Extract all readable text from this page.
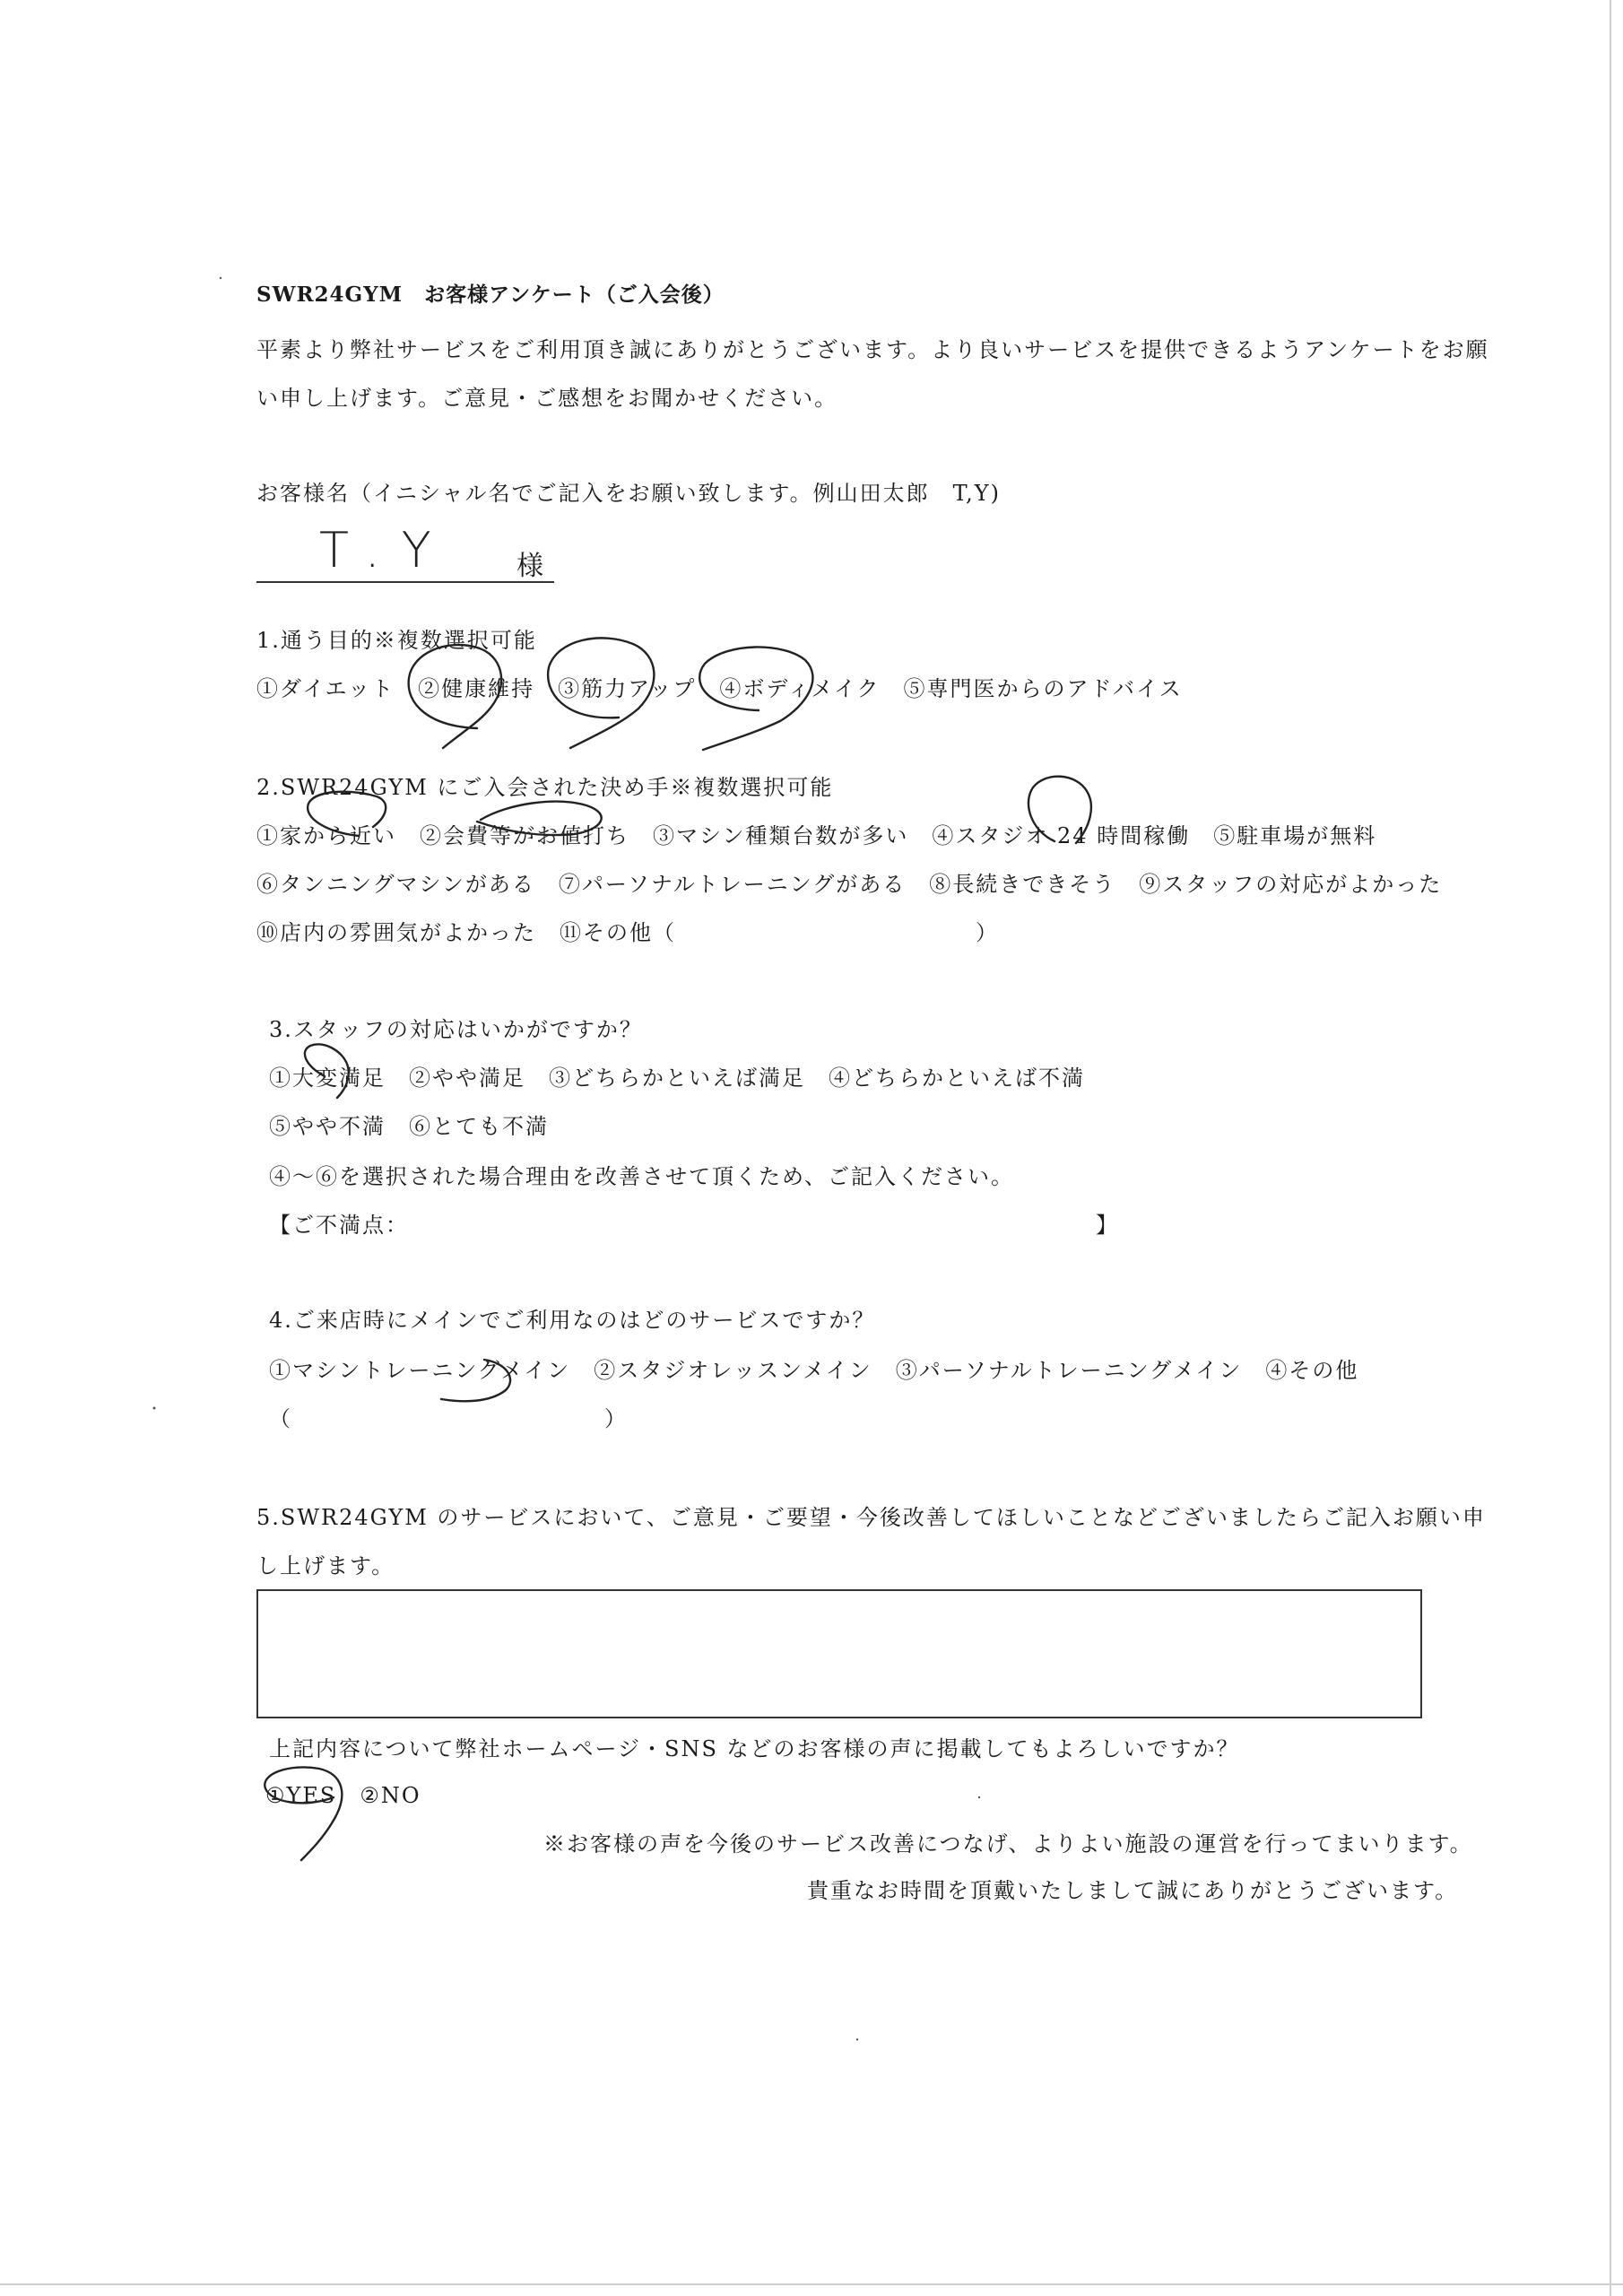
SWR24GYM　お客様アンケート（ご入会後）
平素より弊社サービスをご利用頂き誠にありがとうございます。より良いサービスを提供できるようアンケートをお願
い申し上げます。ご意見・ご感想をお聞かせください。
お客様名（イニシャル名でご記入をお願い致します。例山田太郎　T,Y)
T.Y 様
1.通う目的※複数選択可能
①ダイエット　②健康維持　③筋力アップ　④ボディメイク　⑤専門医からのアドバイス
2.SWR24GYM にご入会された決め手※複数選択可能
①家から近い　②会費等がお値打ち　③マシン種類台数が多い　④スタジオ 24 時間稼働　⑤駐車場が無料
⑥タンニングマシンがある　⑦パーソナルトレーニングがある　⑧長続きできそう　⑨スタッフの対応がよかった
⑩店内の雰囲気がよかった　⑪その他（	）
3.スタッフの対応はいかがですか？
①大変満足　②やや満足　③どちらかといえば満足　④どちらかといえば不満
⑤やや不満　⑥とても不満
④～⑥を選択された場合理由を改善させて頂くため、ご記入ください。
【ご不満点：	】
4.ご来店時にメインでご利用なのはどのサービスですか？
①マシントレーニングメイン　②スタジオレッスンメイン　③パーソナルトレーニングメイン　④その他
（	）
5.SWR24GYM のサービスにおいて、ご意見・ご要望・今後改善してほしいことなどございましたらご記入お願い申
し上げます。
上記内容について弊社ホームページ・SNS などのお客様の声に掲載してもよろしいですか？
①YES　②NO
※お客様の声を今後のサービス改善につなげ、よりよい施設の運営を行ってまいります。
貴重なお時間を頂戴いたしまして誠にありがとうございます。
